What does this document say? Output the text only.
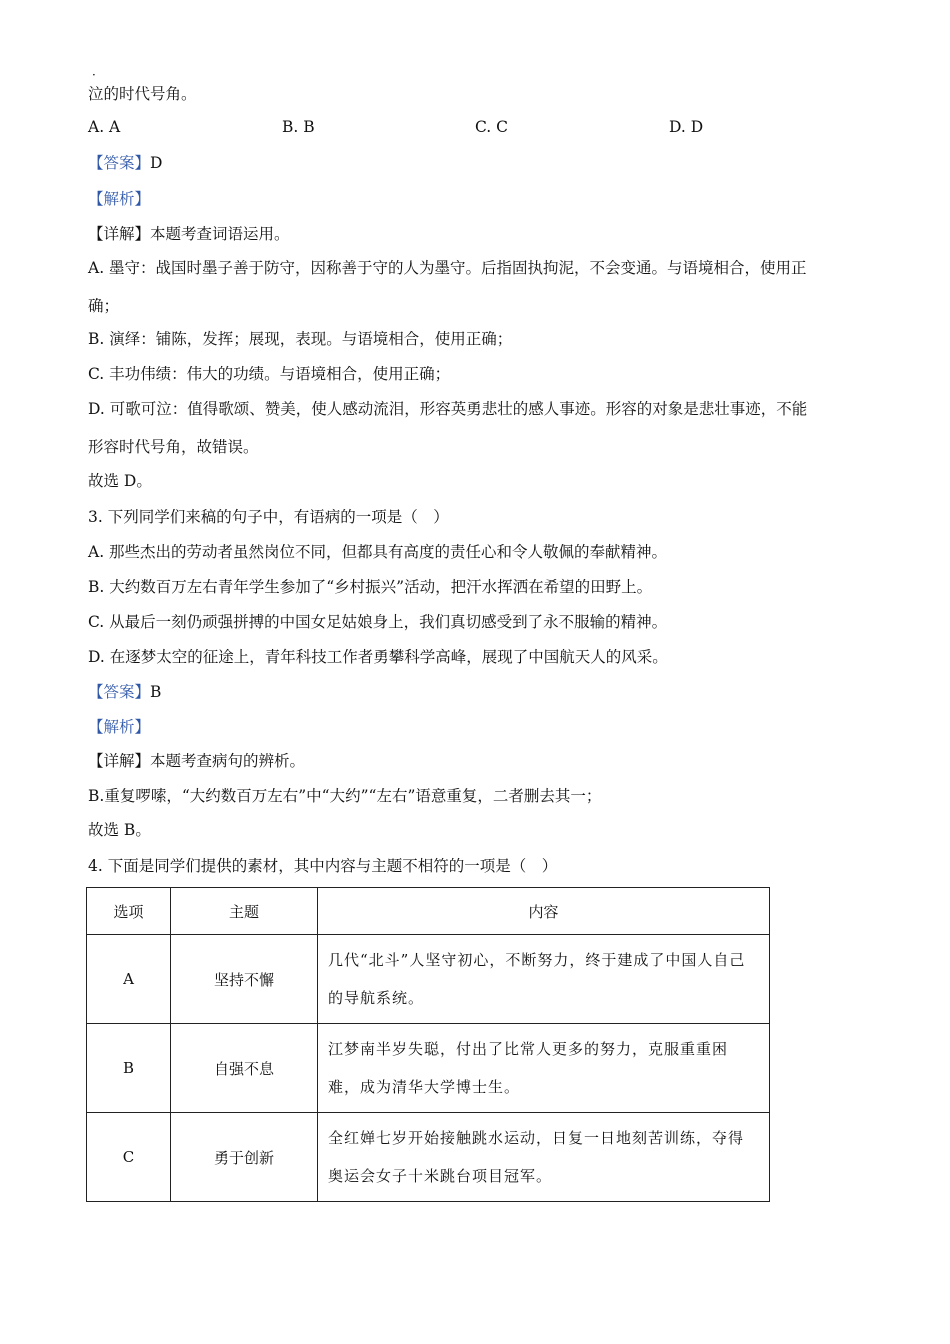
·
泣的时代号角。
A. A	B. B	C. C	D. D
【答案】D
【解析】
【详解】本题考查词语运用。
A. 墨守：战国时墨子善于防守，因称善于守的人为墨守。后指固执拘泥，不会变通。与语境相合，使用正
确；
B. 演绎：铺陈，发挥；展现，表现。与语境相合，使用正确；
C. 丰功伟绩：伟大的功绩。与语境相合，使用正确；
D. 可歌可泣：值得歌颂、赞美，使人感动流泪，形容英勇悲壮的感人事迹。形容的对象是悲壮事迹，不能
形容时代号角，故错误。
故选 D。
3. 下列同学们来稿的句子中，有语病的一项是（　）
A. 那些杰出的劳动者虽然岗位不同，但都具有高度的责任心和令人敬佩的奉献精神。
B. 大约数百万左右青年学生参加了“乡村振兴”活动，把汗水挥洒在希望的田野上。
C. 从最后一刻仍顽强拼搏的中国女足姑娘身上，我们真切感受到了永不服输的精神。
D. 在逐梦太空的征途上，青年科技工作者勇攀科学高峰，展现了中国航天人的风采。
【答案】B
【解析】
【详解】本题考查病句的辨析。
B.重复啰嗦，“大约数百万左右”中“大约”“左右”语意重复，二者删去其一；
故选 B。
4. 下面是同学们提供的素材，其中内容与主题不相符的一项是（　）
选项	主题	内容
A	坚持不懈	几代“北斗”人坚守初心，不断努力，终于建成了中国人自己的导航系统。
B	自强不息	江梦南半岁失聪，付出了比常人更多的努力，克服重重困难，成为清华大学博士生。
C	勇于创新	全红婵七岁开始接触跳水运动，日复一日地刻苦训练，夺得奥运会女子十米跳台项目冠军。
